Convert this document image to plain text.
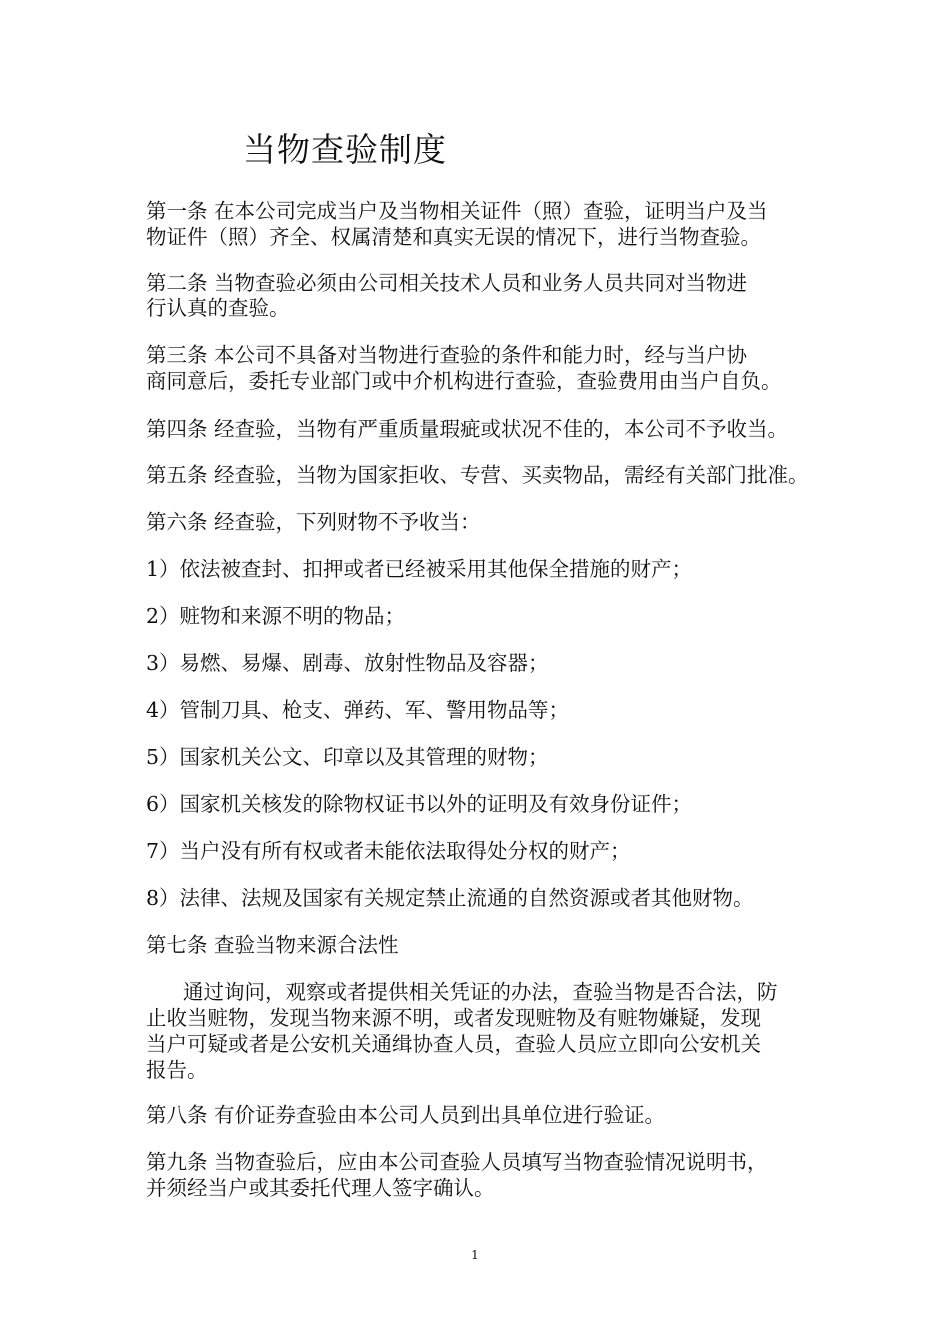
当物查验制度

第一条 在本公司完成当户及当物相关证件（照）查验，证明当户及当

物证件（照）齐全、权属清楚和真实无误的情况下，进行当物查验。

第二条 当物查验必须由公司相关技术人员和业务人员共同对当物进

行认真的查验。

第三条 本公司不具备对当物进行查验的条件和能力时，经与当户协

商同意后，委托专业部门或中介机构进行查验，查验费用由当户自负。

第四条 经查验，当物有严重质量瑕疵或状况不佳的，本公司不予收当。

第五条 经查验，当物为国家拒收、专营、买卖物品，需经有关部门批准。

第六条 经查验，下列财物不予收当：

1）依法被查封、扣押或者已经被采用其他保全措施的财产；

2）赃物和来源不明的物品；

3）易燃、易爆、剧毒、放射性物品及容器；

4）管制刀具、枪支、弹药、军、警用物品等；

5）国家机关公文、印章以及其管理的财物；

6）国家机关核发的除物权证书以外的证明及有效身份证件；

7）当户没有所有权或者未能依法取得处分权的财产；

8）法律、法规及国家有关规定禁止流通的自然资源或者其他财物。

第七条 查验当物来源合法性

通过询问，观察或者提供相关凭证的办法，查验当物是否合法，防

止收当赃物，发现当物来源不明，或者发现赃物及有赃物嫌疑，发现

当户可疑或者是公安机关通缉协查人员，查验人员应立即向公安机关

报告。

第八条 有价证券查验由本公司人员到出具单位进行验证。

第九条 当物查验后，应由本公司查验人员填写当物查验情况说明书，

并须经当户或其委托代理人签字确认。

1
